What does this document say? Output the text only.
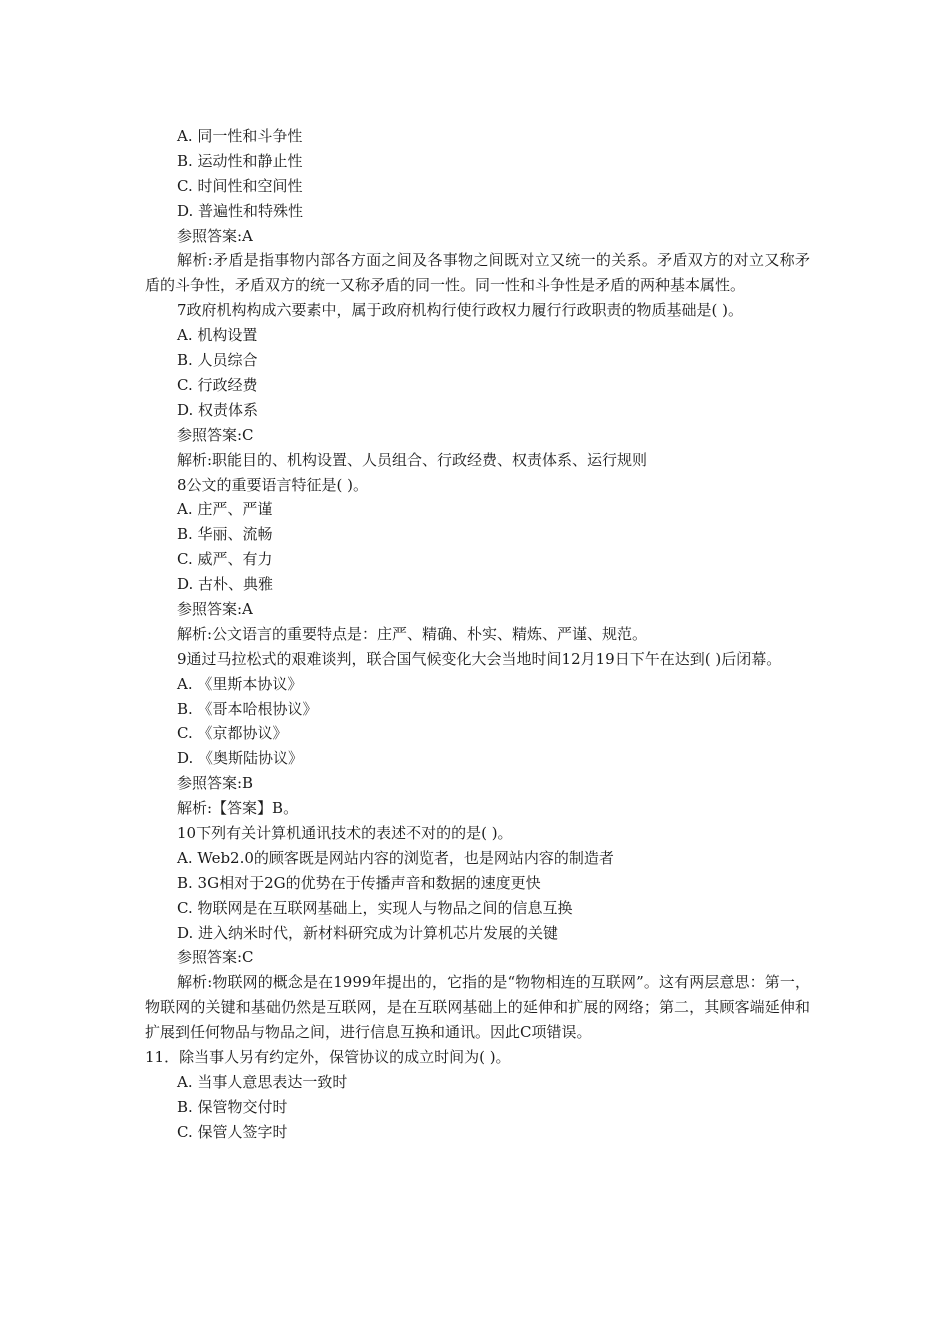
A. 同一性和斗争性
B. 运动性和静止性
C. 时间性和空间性
D. 普遍性和特殊性
参照答案:A
解析:矛盾是指事物内部各方面之间及各事物之间既对立又统一的关系。矛盾双方的对立又称矛盾的斗争性，矛盾双方的统一又称矛盾的同一性。同一性和斗争性是矛盾的两种基本属性。
7政府机构构成六要素中，属于政府机构行使行政权力履行行政职责的物质基础是( )。
A. 机构设置
B. 人员综合
C. 行政经费
D. 权责体系
参照答案:C
解析:职能目的、机构设置、人员组合、行政经费、权责体系、运行规则
8公文的重要语言特征是( )。
A. 庄严、严谨
B. 华丽、流畅
C. 威严、有力
D. 古朴、典雅
参照答案:A
解析:公文语言的重要特点是：庄严、精确、朴实、精炼、严谨、规范。
9通过马拉松式的艰难谈判，联合国气候变化大会当地时间12月19日下午在达到( )后闭幕。
A. 《里斯本协议》
B. 《哥本哈根协议》
C. 《京都协议》
D. 《奥斯陆协议》
参照答案:B
解析:【答案】B。
10下列有关计算机通讯技术的表述不对的的是( )。
A. Web2.0的顾客既是网站内容的浏览者，也是网站内容的制造者
B. 3G相对于2G的优势在于传播声音和数据的速度更快
C. 物联网是在互联网基础上，实现人与物品之间的信息互换
D. 进入纳米时代，新材料研究成为计算机芯片发展的关键
参照答案:C
解析:物联网的概念是在1999年提出的，它指的是“物物相连的互联网”。这有两层意思：第一，物联网的关键和基础仍然是互联网，是在互联网基础上的延伸和扩展的网络；第二，其顾客端延伸和扩展到任何物品与物品之间，进行信息互换和通讯。因此C项错误。
11．除当事人另有约定外，保管协议的成立时间为( )。
A. 当事人意思表达一致时
B. 保管物交付时
C. 保管人签字时
